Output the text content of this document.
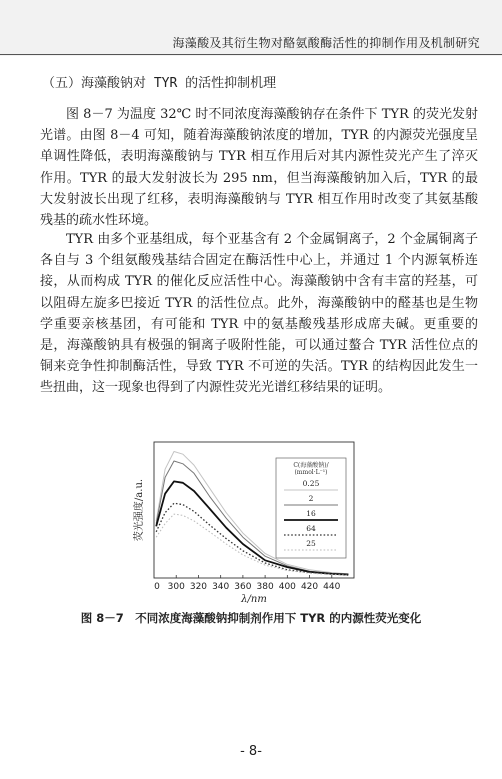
海藻酸及其衍生物对酪氨酸酶活性的抑制作用及机制研究
（五）海藻酸钠对 TYR 的活性抑制机理

图 8－7 为温度 32℃ 时不同浓度海藻酸钠存在条件下 TYR 的荧光发射光谱。由图 8－4 可知，随着海藻酸钠浓度的增加，TYR 的内源荧光强度呈单调性降低，表明海藻酸钠与 TYR 相互作用后对其内源性荧光产生了淬灭作用。TYR 的最大发射波长为 295 nm，但当海藻酸钠加入后，TYR 的最大发射波长出现了红移，表明海藻酸钠与 TYR 相互作用时改变了其氨基酸残基的疏水性环境。

TYR 由多个亚基组成，每个亚基含有 2 个金属铜离子，2 个金属铜离子各自与 3 个组氨酸残基结合固定在酶活性中心上，并通过 1 个内源氧桥连接，从而构成 TYR 的催化反应活性中心。海藻酸钠中含有丰富的羟基，可以阻碍左旋多巴接近 TYR 的活性位点。此外，海藻酸钠中的醛基也是生物学重要亲核基团，有可能和 TYR 中的氨基酸残基形成席夫碱。更重要的是，海藻酸钠具有极强的铜离子吸附性能，可以通过螯合 TYR 活性位点的铜来竞争性抑制酶活性，导致 TYR 不可逆的失活。TYR 的结构因此发生一些扭曲，这一现象也得到了内源性荧光光谱红移结果的证明。

0 300 320 340 360 380 400 420 440
λ/nm
荧光强度/a.u.
C(海藻酸钠)/
(mmol·L⁻¹)
0.25
2
16
64
25
图 8－7　不同浓度海藻酸钠抑制剂作用下 TYR 的内源性荧光变化
- 8-
